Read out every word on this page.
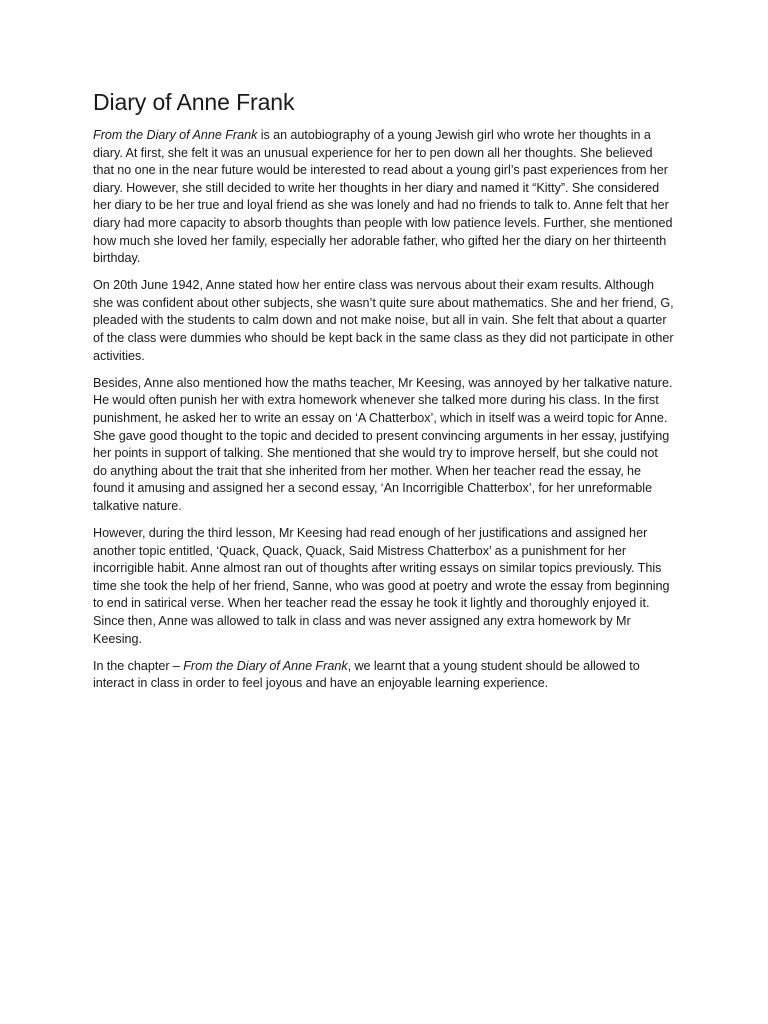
Diary of Anne Frank

From the Diary of Anne Frank is an autobiography of a young Jewish girl who wrote her thoughts in a diary. At first, she felt it was an unusual experience for her to pen down all her thoughts. She believed that no one in the near future would be interested to read about a young girl’s past experiences from her diary. However, she still decided to write her thoughts in her diary and named it “Kitty”. She considered her diary to be her true and loyal friend as she was lonely and had no friends to talk to. Anne felt that her diary had more capacity to absorb thoughts than people with low patience levels. Further, she mentioned how much she loved her family, especially her adorable father, who gifted her the diary on her thirteenth birthday.

On 20th June 1942, Anne stated how her entire class was nervous about their exam results. Although she was confident about other subjects, she wasn’t quite sure about mathematics. She and her friend, G, pleaded with the students to calm down and not make noise, but all in vain. She felt that about a quarter of the class were dummies who should be kept back in the same class as they did not participate in other activities.

Besides, Anne also mentioned how the maths teacher, Mr Keesing, was annoyed by her talkative nature. He would often punish her with extra homework whenever she talked more during his class. In the first punishment, he asked her to write an essay on ‘A Chatterbox’, which in itself was a weird topic for Anne. She gave good thought to the topic and decided to present convincing arguments in her essay, justifying her points in support of talking. She mentioned that she would try to improve herself, but she could not do anything about the trait that she inherited from her mother. When her teacher read the essay, he found it amusing and assigned her a second essay, ‘An Incorrigible Chatterbox’, for her unreformable talkative nature.

However, during the third lesson, Mr Keesing had read enough of her justifications and assigned her another topic entitled, ‘Quack, Quack, Quack, Said Mistress Chatterbox’ as a punishment for her incorrigible habit. Anne almost ran out of thoughts after writing essays on similar topics previously. This time she took the help of her friend, Sanne, who was good at poetry and wrote the essay from beginning to end in satirical verse. When her teacher read the essay he took it lightly and thoroughly enjoyed it. Since then, Anne was allowed to talk in class and was never assigned any extra homework by Mr Keesing.

In the chapter – From the Diary of Anne Frank, we learnt that a young student should be allowed to interact in class in order to feel joyous and have an enjoyable learning experience.
